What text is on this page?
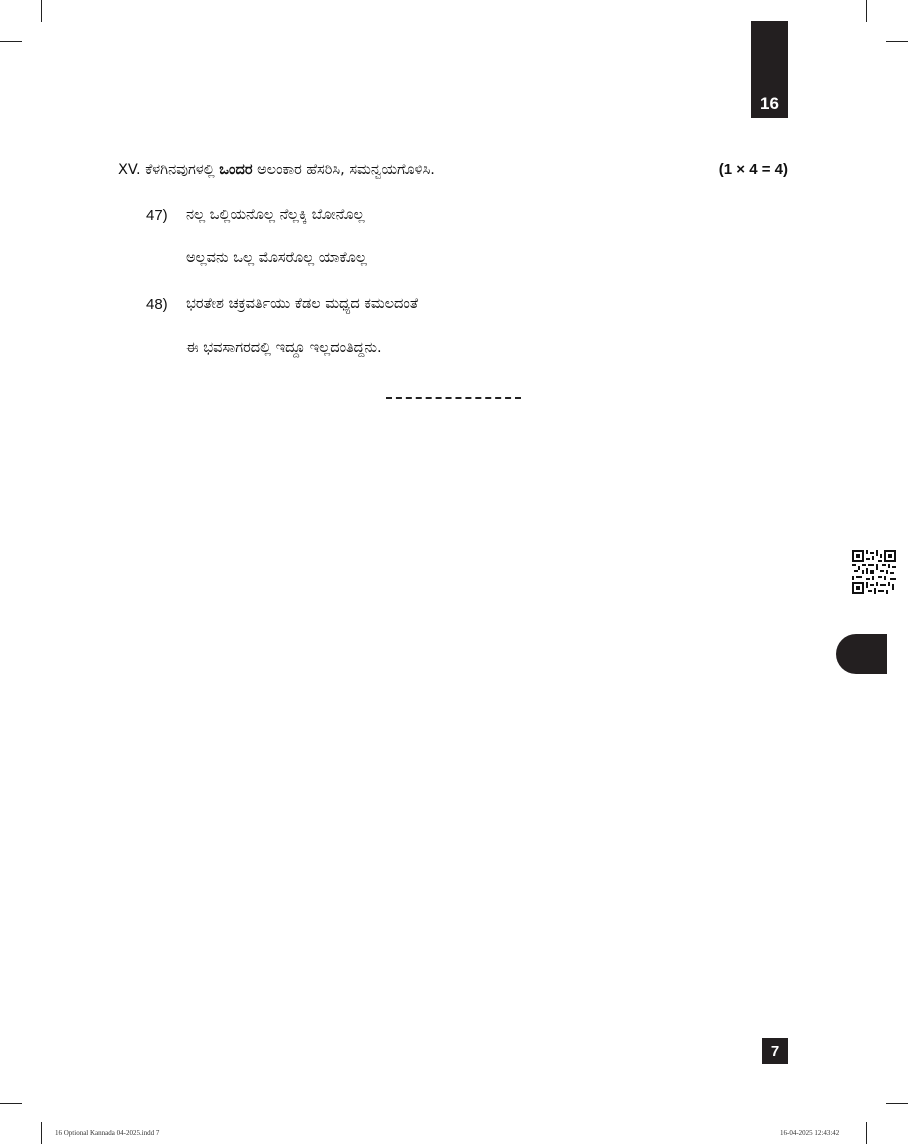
16
XV. ಕೆಳಗಿನವುಗಳಲ್ಲಿ ಒಂದರ ಅಲಂಕಾರ ಹೆಸರಿಸಿ, ಸಮನ್ವಯಗೊಳಿಸಿ.	(1 × 4 = 4)
47) ನಲ್ಲ ಒಲ್ಲಿಯನೊಲ್ಲ ನೆಲ್ಲಕ್ಕಿ ಬೋನೊಲ್ಲ
ಅಲ್ಲವನು ಒಲ್ಲ ಮೊಸರೊಲ್ಲ ಯಾಕೊಲ್ಲ
48) ಭರತೇಶ ಚಕ್ರವರ್ತಿಯು ಕೆಡಲ ಮಧ್ಯದ ಕಮಲದಂತೆ
ಈ ಭವಸಾಗರದಲ್ಲಿ ಇದ್ದೂ ಇಲ್ಲದಂತಿದ್ದನು.
7
16 Optional Kannada 04-2025.indd 7	16-04-2025 12:43:42
